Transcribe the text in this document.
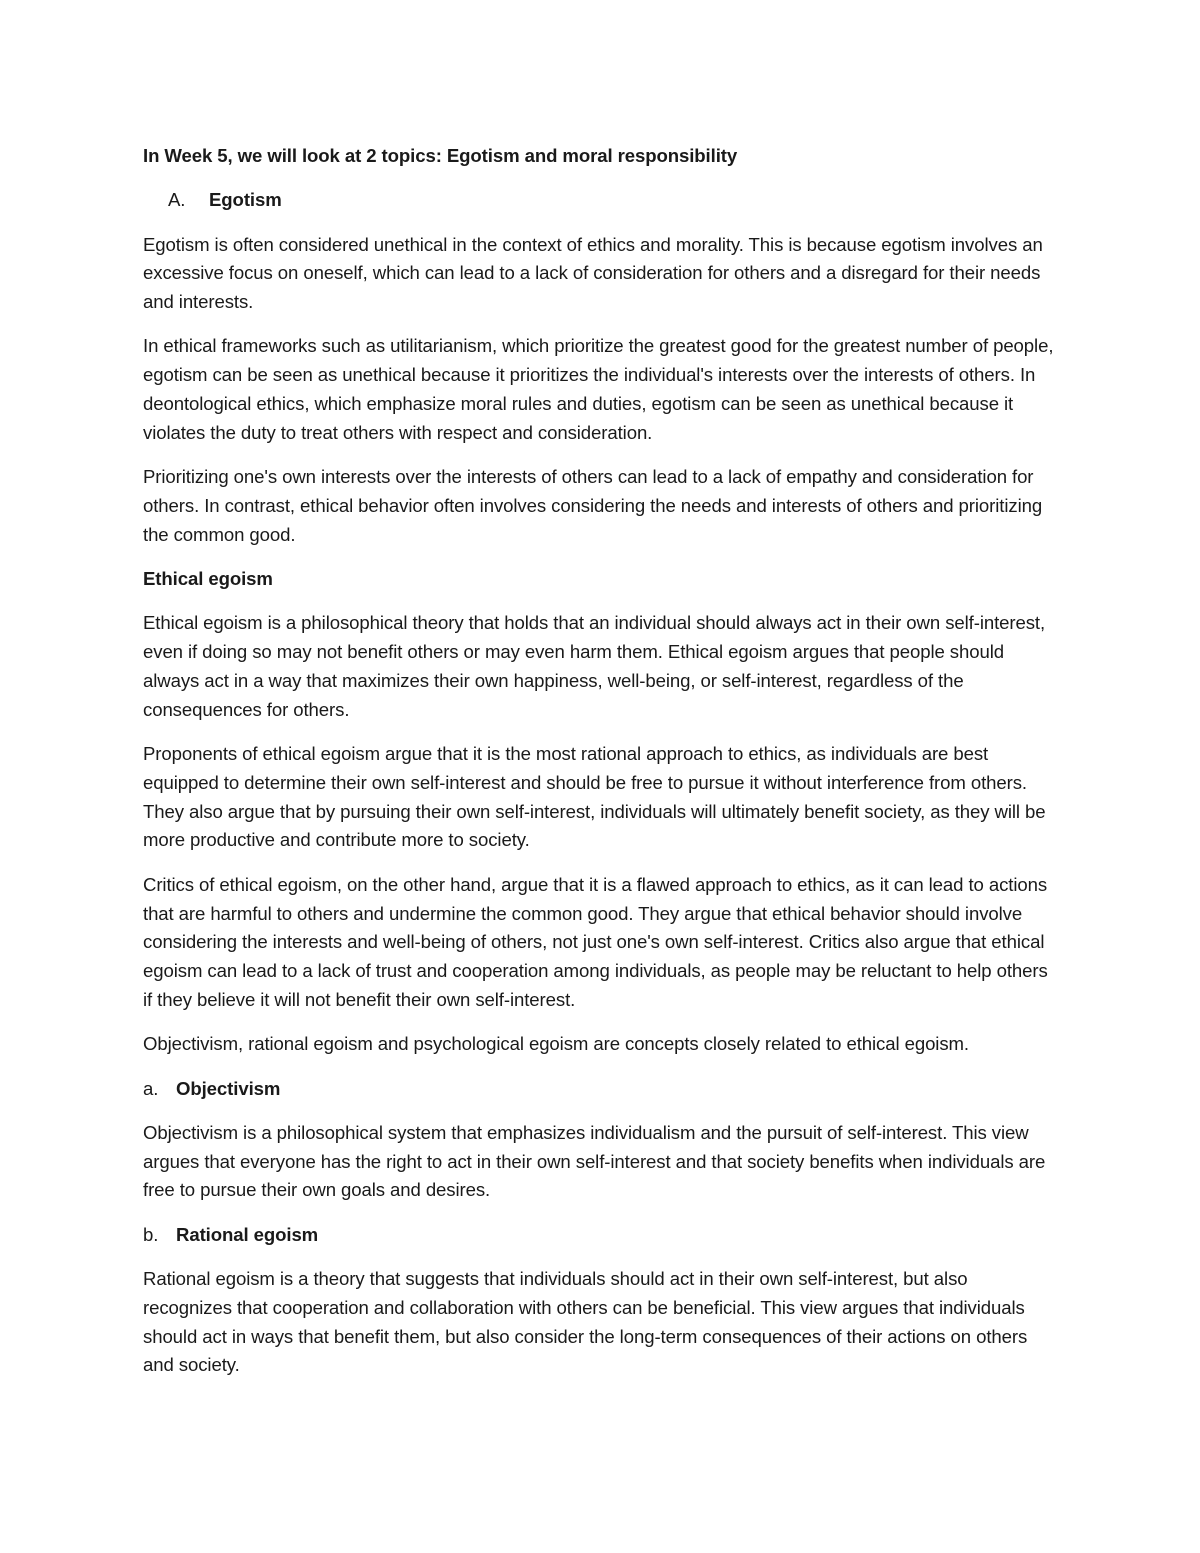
In Week 5, we will look at 2 topics: Egotism and moral responsibility

A.	Egotism

Egotism is often considered unethical in the context of ethics and morality. This is because egotism involves an excessive focus on oneself, which can lead to a lack of consideration for others and a disregard for their needs and interests.

In ethical frameworks such as utilitarianism, which prioritize the greatest good for the greatest number of people, egotism can be seen as unethical because it prioritizes the individual's interests over the interests of others. In deontological ethics, which emphasize moral rules and duties, egotism can be seen as unethical because it violates the duty to treat others with respect and consideration.

Prioritizing one's own interests over the interests of others can lead to a lack of empathy and consideration for others. In contrast, ethical behavior often involves considering the needs and interests of others and prioritizing the common good.

Ethical egoism

Ethical egoism is a philosophical theory that holds that an individual should always act in their own self-interest, even if doing so may not benefit others or may even harm them. Ethical egoism argues that people should always act in a way that maximizes their own happiness, well-being, or self-interest, regardless of the consequences for others.

Proponents of ethical egoism argue that it is the most rational approach to ethics, as individuals are best equipped to determine their own self-interest and should be free to pursue it without interference from others. They also argue that by pursuing their own self-interest, individuals will ultimately benefit society, as they will be more productive and contribute more to society.

Critics of ethical egoism, on the other hand, argue that it is a flawed approach to ethics, as it can lead to actions that are harmful to others and undermine the common good. They argue that ethical behavior should involve considering the interests and well-being of others, not just one's own self-interest. Critics also argue that ethical egoism can lead to a lack of trust and cooperation among individuals, as people may be reluctant to help others if they believe it will not benefit their own self-interest.

Objectivism, rational egoism and psychological egoism are concepts closely related to ethical egoism.

a. Objectivism

Objectivism is a philosophical system that emphasizes individualism and the pursuit of self-interest. This view argues that everyone has the right to act in their own self-interest and that society benefits when individuals are free to pursue their own goals and desires.

b. Rational egoism

Rational egoism is a theory that suggests that individuals should act in their own self-interest, but also recognizes that cooperation and collaboration with others can be beneficial. This view argues that individuals should act in ways that benefit them, but also consider the long-term consequences of their actions on others and society.
